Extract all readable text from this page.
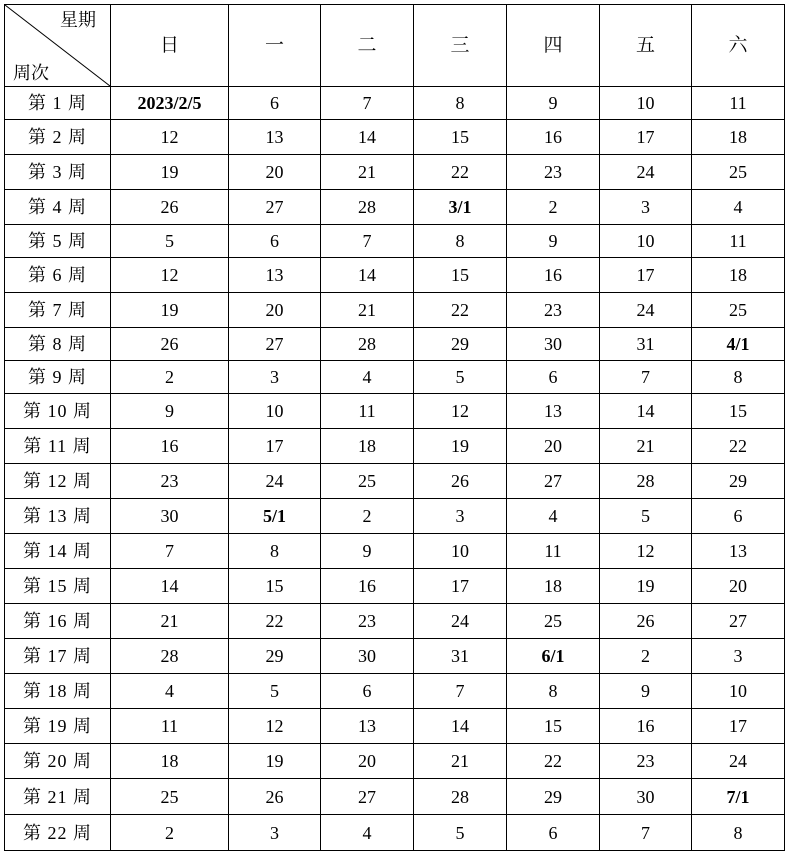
星期
周次	日	一	二	三	四	五	六
第 1 周	2023/2/5	6	7	8	9	10	11
第 2 周	12	13	14	15	16	17	18
第 3 周	19	20	21	22	23	24	25
第 4 周	26	27	28	3/1	2	3	4
第 5 周	5	6	7	8	9	10	11
第 6 周	12	13	14	15	16	17	18
第 7 周	19	20	21	22	23	24	25
第 8 周	26	27	28	29	30	31	4/1
第 9 周	2	3	4	5	6	7	8
第 10 周	9	10	11	12	13	14	15
第 11 周	16	17	18	19	20	21	22
第 12 周	23	24	25	26	27	28	29
第 13 周	30	5/1	2	3	4	5	6
第 14 周	7	8	9	10	11	12	13
第 15 周	14	15	16	17	18	19	20
第 16 周	21	22	23	24	25	26	27
第 17 周	28	29	30	31	6/1	2	3
第 18 周	4	5	6	7	8	9	10
第 19 周	11	12	13	14	15	16	17
第 20 周	18	19	20	21	22	23	24
第 21 周	25	26	27	28	29	30	7/1
第 22 周	2	3	4	5	6	7	8
